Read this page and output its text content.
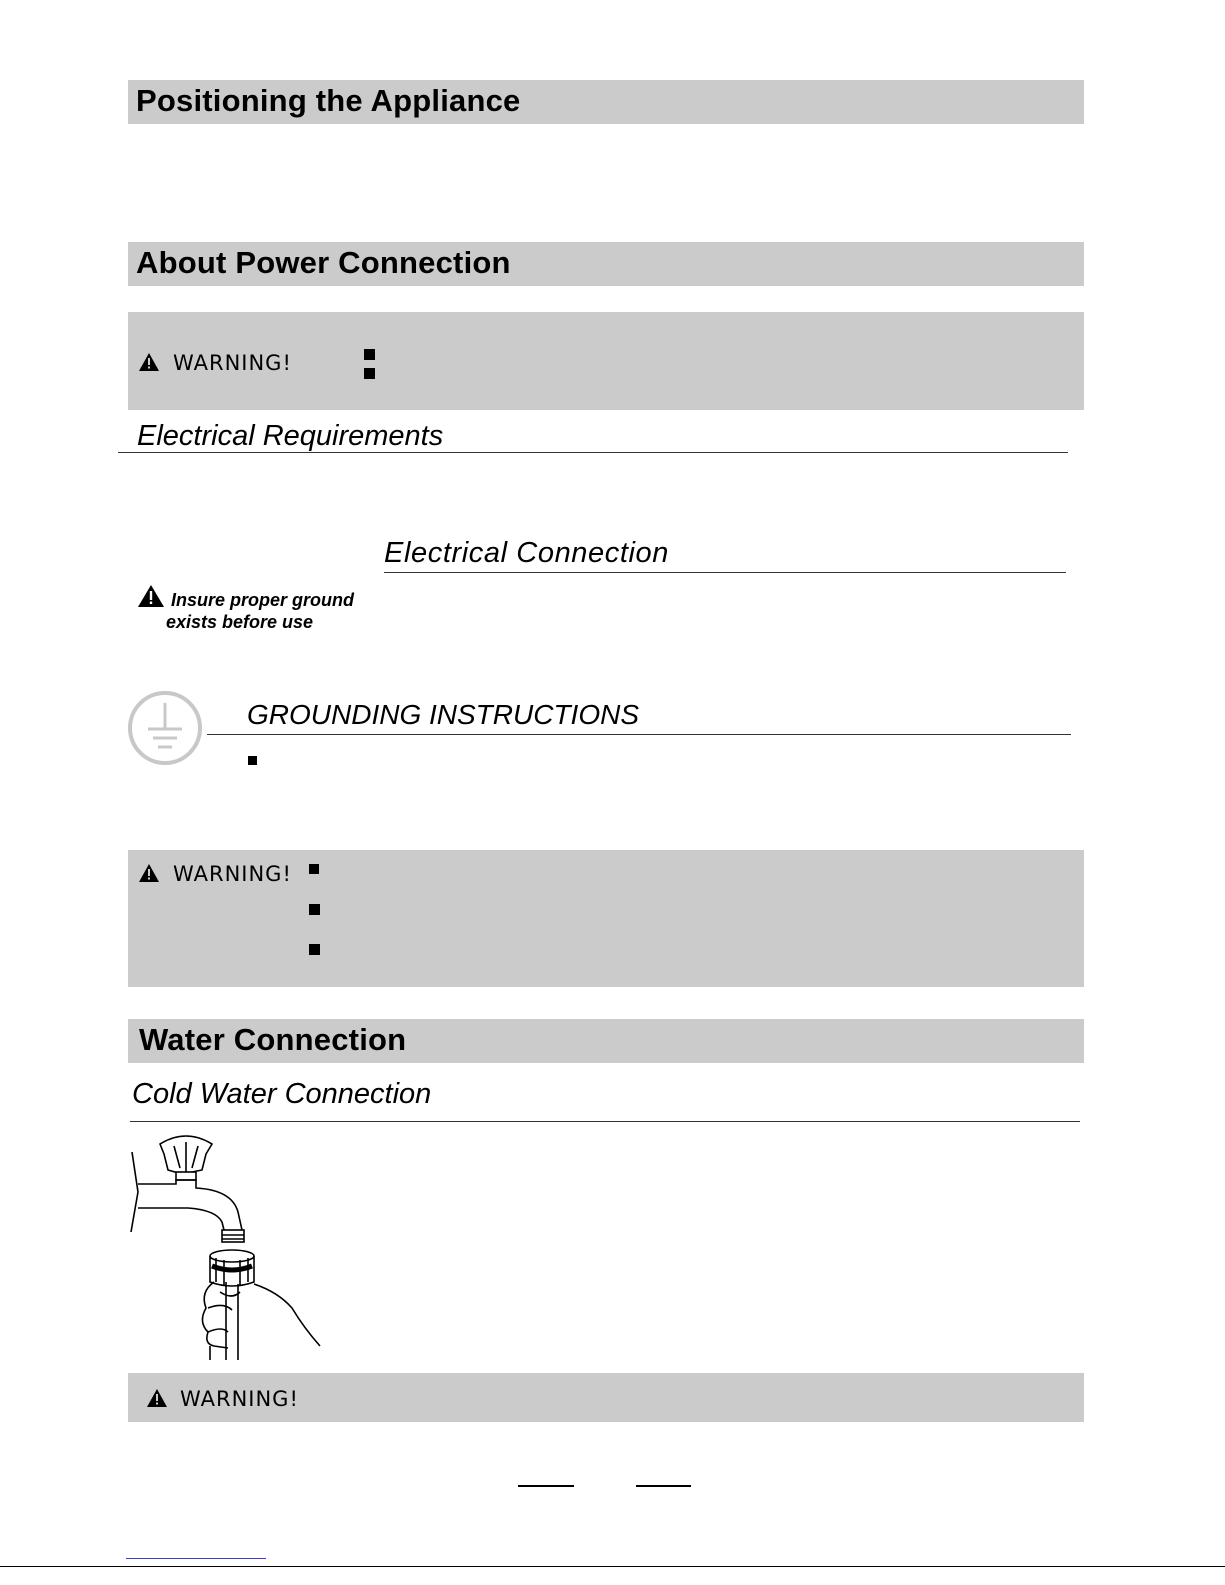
Positioning the Appliance
About Power Connection
WARNING!
Electrical Requirements
Electrical Connection
Insure proper ground
exists before use
GROUNDING INSTRUCTIONS
WARNING!
Water Connection
Cold Water Connection
WARNING!
